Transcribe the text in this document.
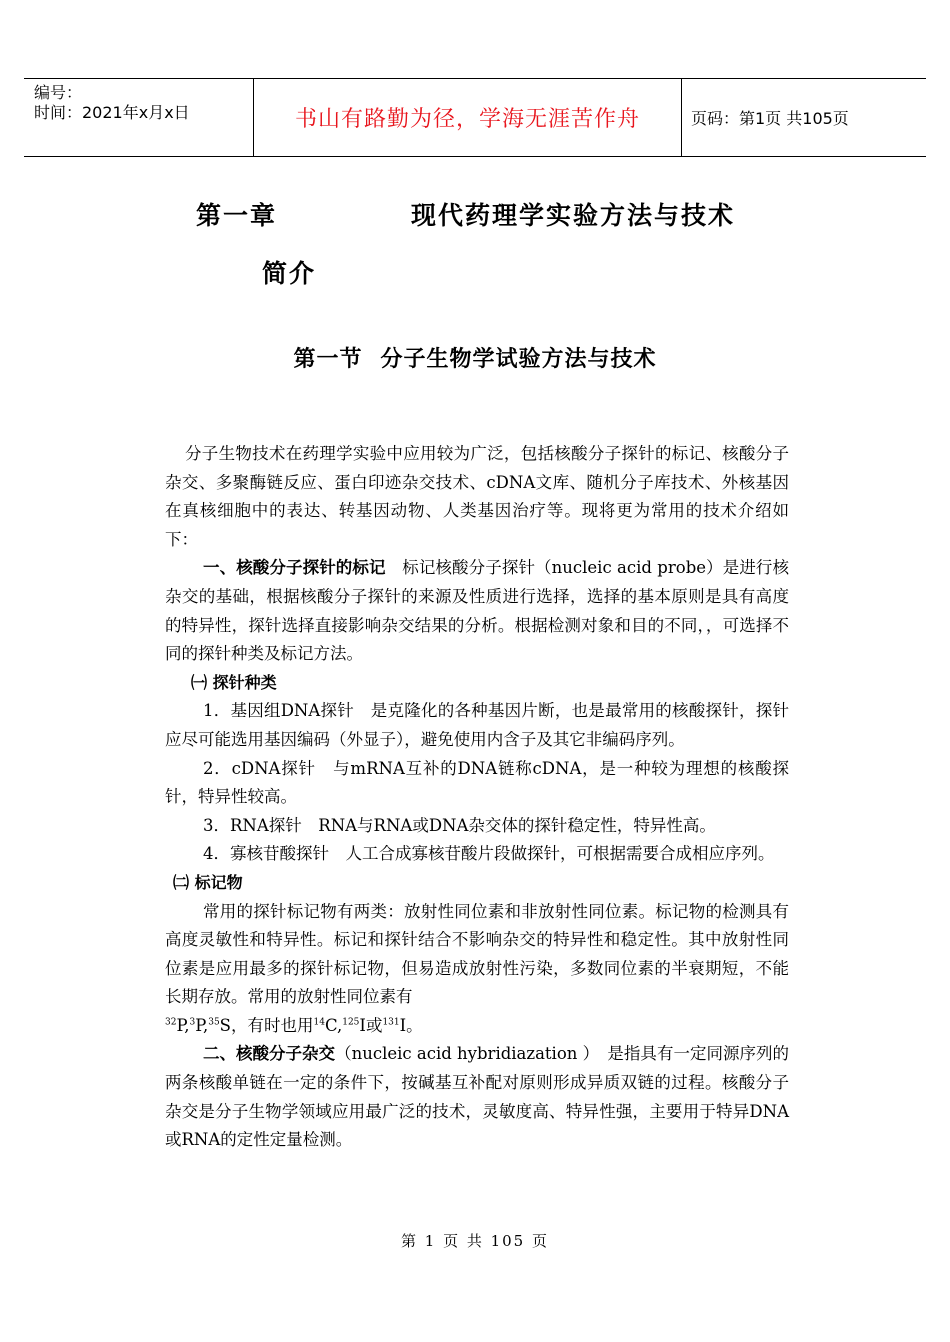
编号：
时间：2021年x月x日	书山有路勤为径，学海无涯苦作舟	页码：第1页 共105页
第一章	现代药理学实验方法与技术
简介
第一节 分子生物学试验方法与技术

分子生物技术在药理学实验中应用较为广泛，包括核酸分子探针的标记、核酸分子杂交、多聚酶链反应、蛋白印迹杂交技术、cDNA文库、随机分子库技术、外核基因在真核细胞中的表达、转基因动物、人类基因治疗等。现将更为常用的技术介绍如下：

一、核酸分子探针的标记　 标记核酸分子探针（nucleic acid probe）是进行核杂交的基础，根据核酸分子探针的来源及性质进行选择，选择的基本原则是具有高度的特异性，探针选择直接影响杂交结果的分析。根据检测对象和目的不同，，可选择不同的探针种类及标记方法。

㈠ 探针种类

1．基因组DNA探针　是克隆化的各种基因片断，也是最常用的核酸探针，探针应尽可能选用基因编码（外显子），避免使用内含子及其它非编码序列。

2．cDNA探针　与mRNA互补的DNA链称cDNA，是一种较为理想的核酸探针，特异性较高。

3．RNA探针　RNA与RNA或DNA杂交体的探针稳定性，特异性高。

4．寡核苷酸探针　人工合成寡核苷酸片段做探针，可根据需要合成相应序列。

㈡ 标记物

常用的探针标记物有两类：放射性同位素和非放射性同位素。标记物的检测具有高度灵敏性和特异性。标记和探针结合不影响杂交的特异性和稳定性。其中放射性同位素是应用最多的探针标记物，但易造成放射性污染，多数同位素的半衰期短，不能长期存放。常用的放射性同位素有
$^{32}$P,$^3$P,$^{35}$S，有时也用$^{14}$C,$^{125}$I或$^{131}$I。

二、核酸分子杂交（nucleic acid hybridiazation ）　是指具有一定同源序列的两条核酸单链在一定的条件下，按碱基互补配对原则形成异质双链的过程。核酸分子杂交是分子生物学领域应用最广泛的技术，灵敏度高、特异性强，主要用于特异DNA或RNA的定性定量检测。

第 1 页 共 105 页
